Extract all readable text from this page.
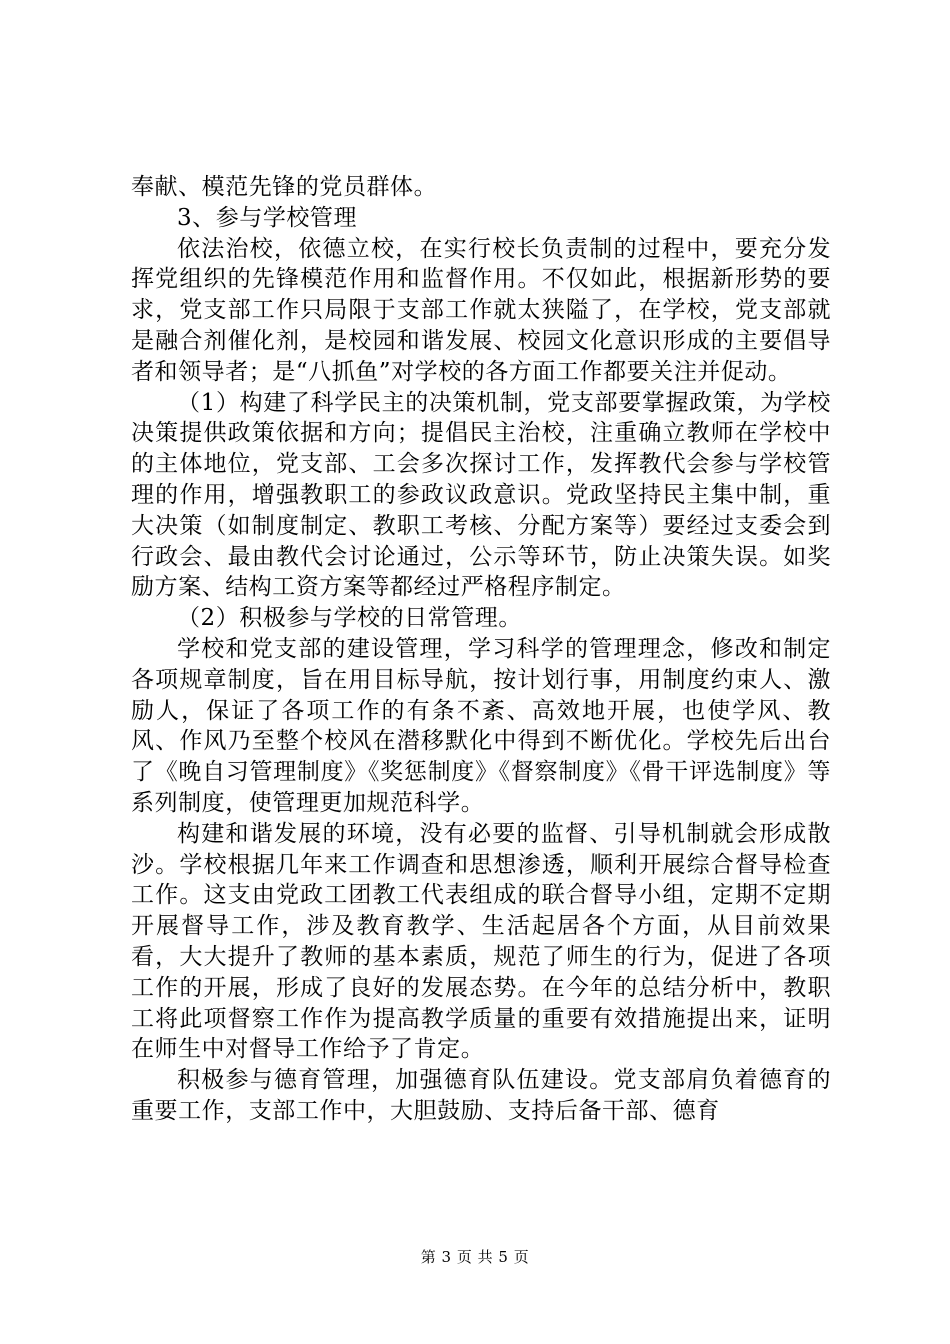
奉献、模范先锋的党员群体。

3、参与学校管理

依法治校，依德立校，在实行校长负责制的过程中，要充分发挥党组织的先锋模范作用和监督作用。不仅如此，根据新形势的要求，党支部工作只局限于支部工作就太狭隘了，在学校，党支部就是融合剂催化剂，是校园和谐发展、校园文化意识形成的主要倡导者和领导者；是“八抓鱼”对学校的各方面工作都要关注并促动。

（1）构建了科学民主的决策机制，党支部要掌握政策，为学校决策提供政策依据和方向；提倡民主治校，注重确立教师在学校中的主体地位，党支部、工会多次探讨工作，发挥教代会参与学校管理的作用，增强教职工的参政议政意识。党政坚持民主集中制，重大决策（如制度制定、教职工考核、分配方案等）要经过支委会到行政会、最由教代会讨论通过，公示等环节，防止决策失误。如奖励方案、结构工资方案等都经过严格程序制定。

（2）积极参与学校的日常管理。

学校和党支部的建设管理，学习科学的管理理念，修改和制定各项规章制度，旨在用目标导航，按计划行事，用制度约束人、激励人，保证了各项工作的有条不紊、高效地开展，也使学风、教风、作风乃至整个校风在潜移默化中得到不断优化。学校先后出台了《晚自习管理制度》《奖惩制度》《督察制度》《骨干评选制度》等系列制度，使管理更加规范科学。

构建和谐发展的环境，没有必要的监督、引导机制就会形成散沙。学校根据几年来工作调查和思想渗透，顺利开展综合督导检查工作。这支由党政工团教工代表组成的联合督导小组，定期不定期开展督导工作，涉及教育教学、生活起居各个方面，从目前效果看，大大提升了教师的基本素质，规范了师生的行为，促进了各项工作的开展，形成了良好的发展态势。在今年的总结分析中，教职工将此项督察工作作为提高教学质量的重要有效措施提出来，证明在师生中对督导工作给予了肯定。

积极参与德育管理，加强德育队伍建设。党支部肩负着德育的重要工作，支部工作中，大胆鼓励、支持后备干部、德育

第 3 页 共 5 页
